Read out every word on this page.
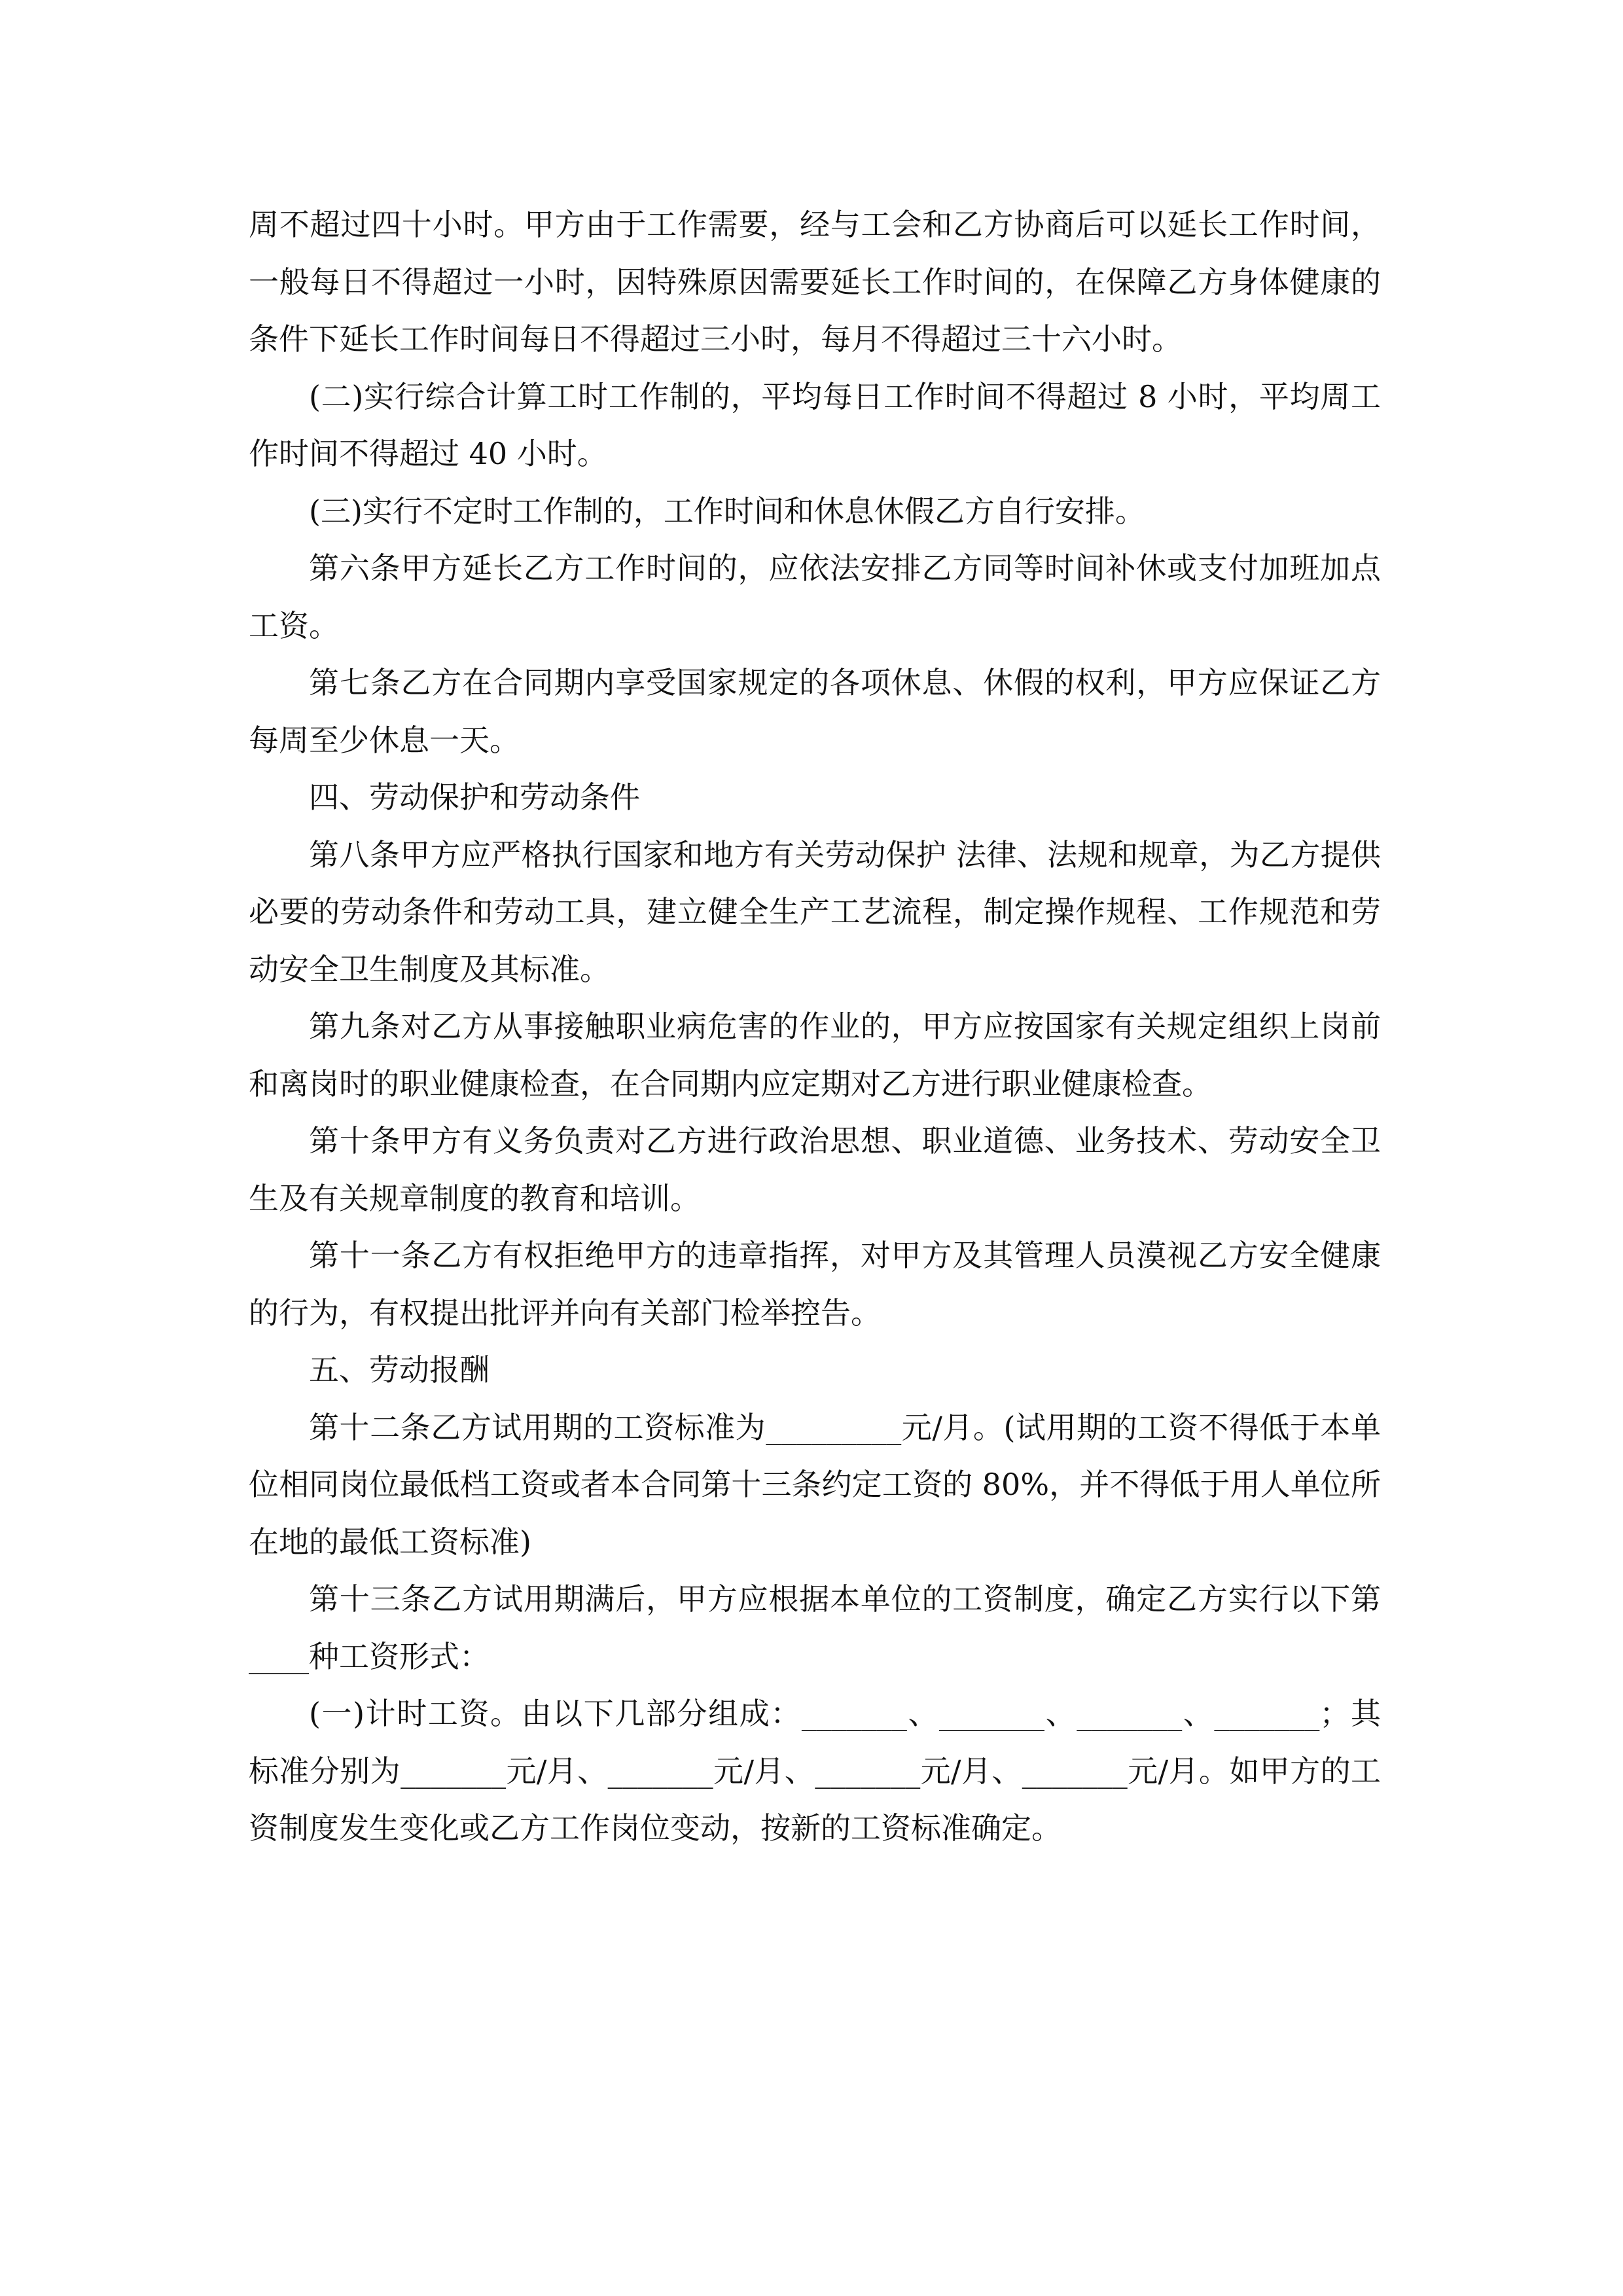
周不超过四十小时。甲方由于工作需要，经与工会和乙方协商后可以延长工作时间，一般每日不得超过一小时，因特殊原因需要延长工作时间的，在保障乙方身体健康的条件下延长工作时间每日不得超过三小时，每月不得超过三十六小时。

(二)实行综合计算工时工作制的，平均每日工作时间不得超过 8 小时，平均周工作时间不得超过 40 小时。

(三)实行不定时工作制的，工作时间和休息休假乙方自行安排。

第六条甲方延长乙方工作时间的，应依法安排乙方同等时间补休或支付加班加点工资。

第七条乙方在合同期内享受国家规定的各项休息、休假的权利，甲方应保证乙方每周至少休息一天。

四、劳动保护和劳动条件

第八条甲方应严格执行国家和地方有关劳动保护 法律、法规和规章，为乙方提供必要的劳动条件和劳动工具，建立健全生产工艺流程，制定操作规程、工作规范和劳动安全卫生制度及其标准。

第九条对乙方从事接触职业病危害的作业的，甲方应按国家有关规定组织上岗前和离岗时的职业健康检查，在合同期内应定期对乙方进行职业健康检查。

第十条甲方有义务负责对乙方进行政治思想、职业道德、业务技术、劳动安全卫生及有关规章制度的教育和培训。

第十一条乙方有权拒绝甲方的违章指挥，对甲方及其管理人员漠视乙方安全健康的行为，有权提出批评并向有关部门检举控告。

五、劳动报酬

第十二条乙方试用期的工资标准为_________元/月。(试用期的工资不得低于本单位相同岗位最低档工资或者本合同第十三条约定工资的 80%，并不得低于用人单位所在地的最低工资标准)

第十三条乙方试用期满后，甲方应根据本单位的工资制度，确定乙方实行以下第____种工资形式：

(一)计时工资。由以下几部分组成：_______、_______、_______、_______；其标准分别为_______元/月、_______元/月、_______元/月、_______元/月。如甲方的工资制度发生变化或乙方工作岗位变动，按新的工资标准确定。
